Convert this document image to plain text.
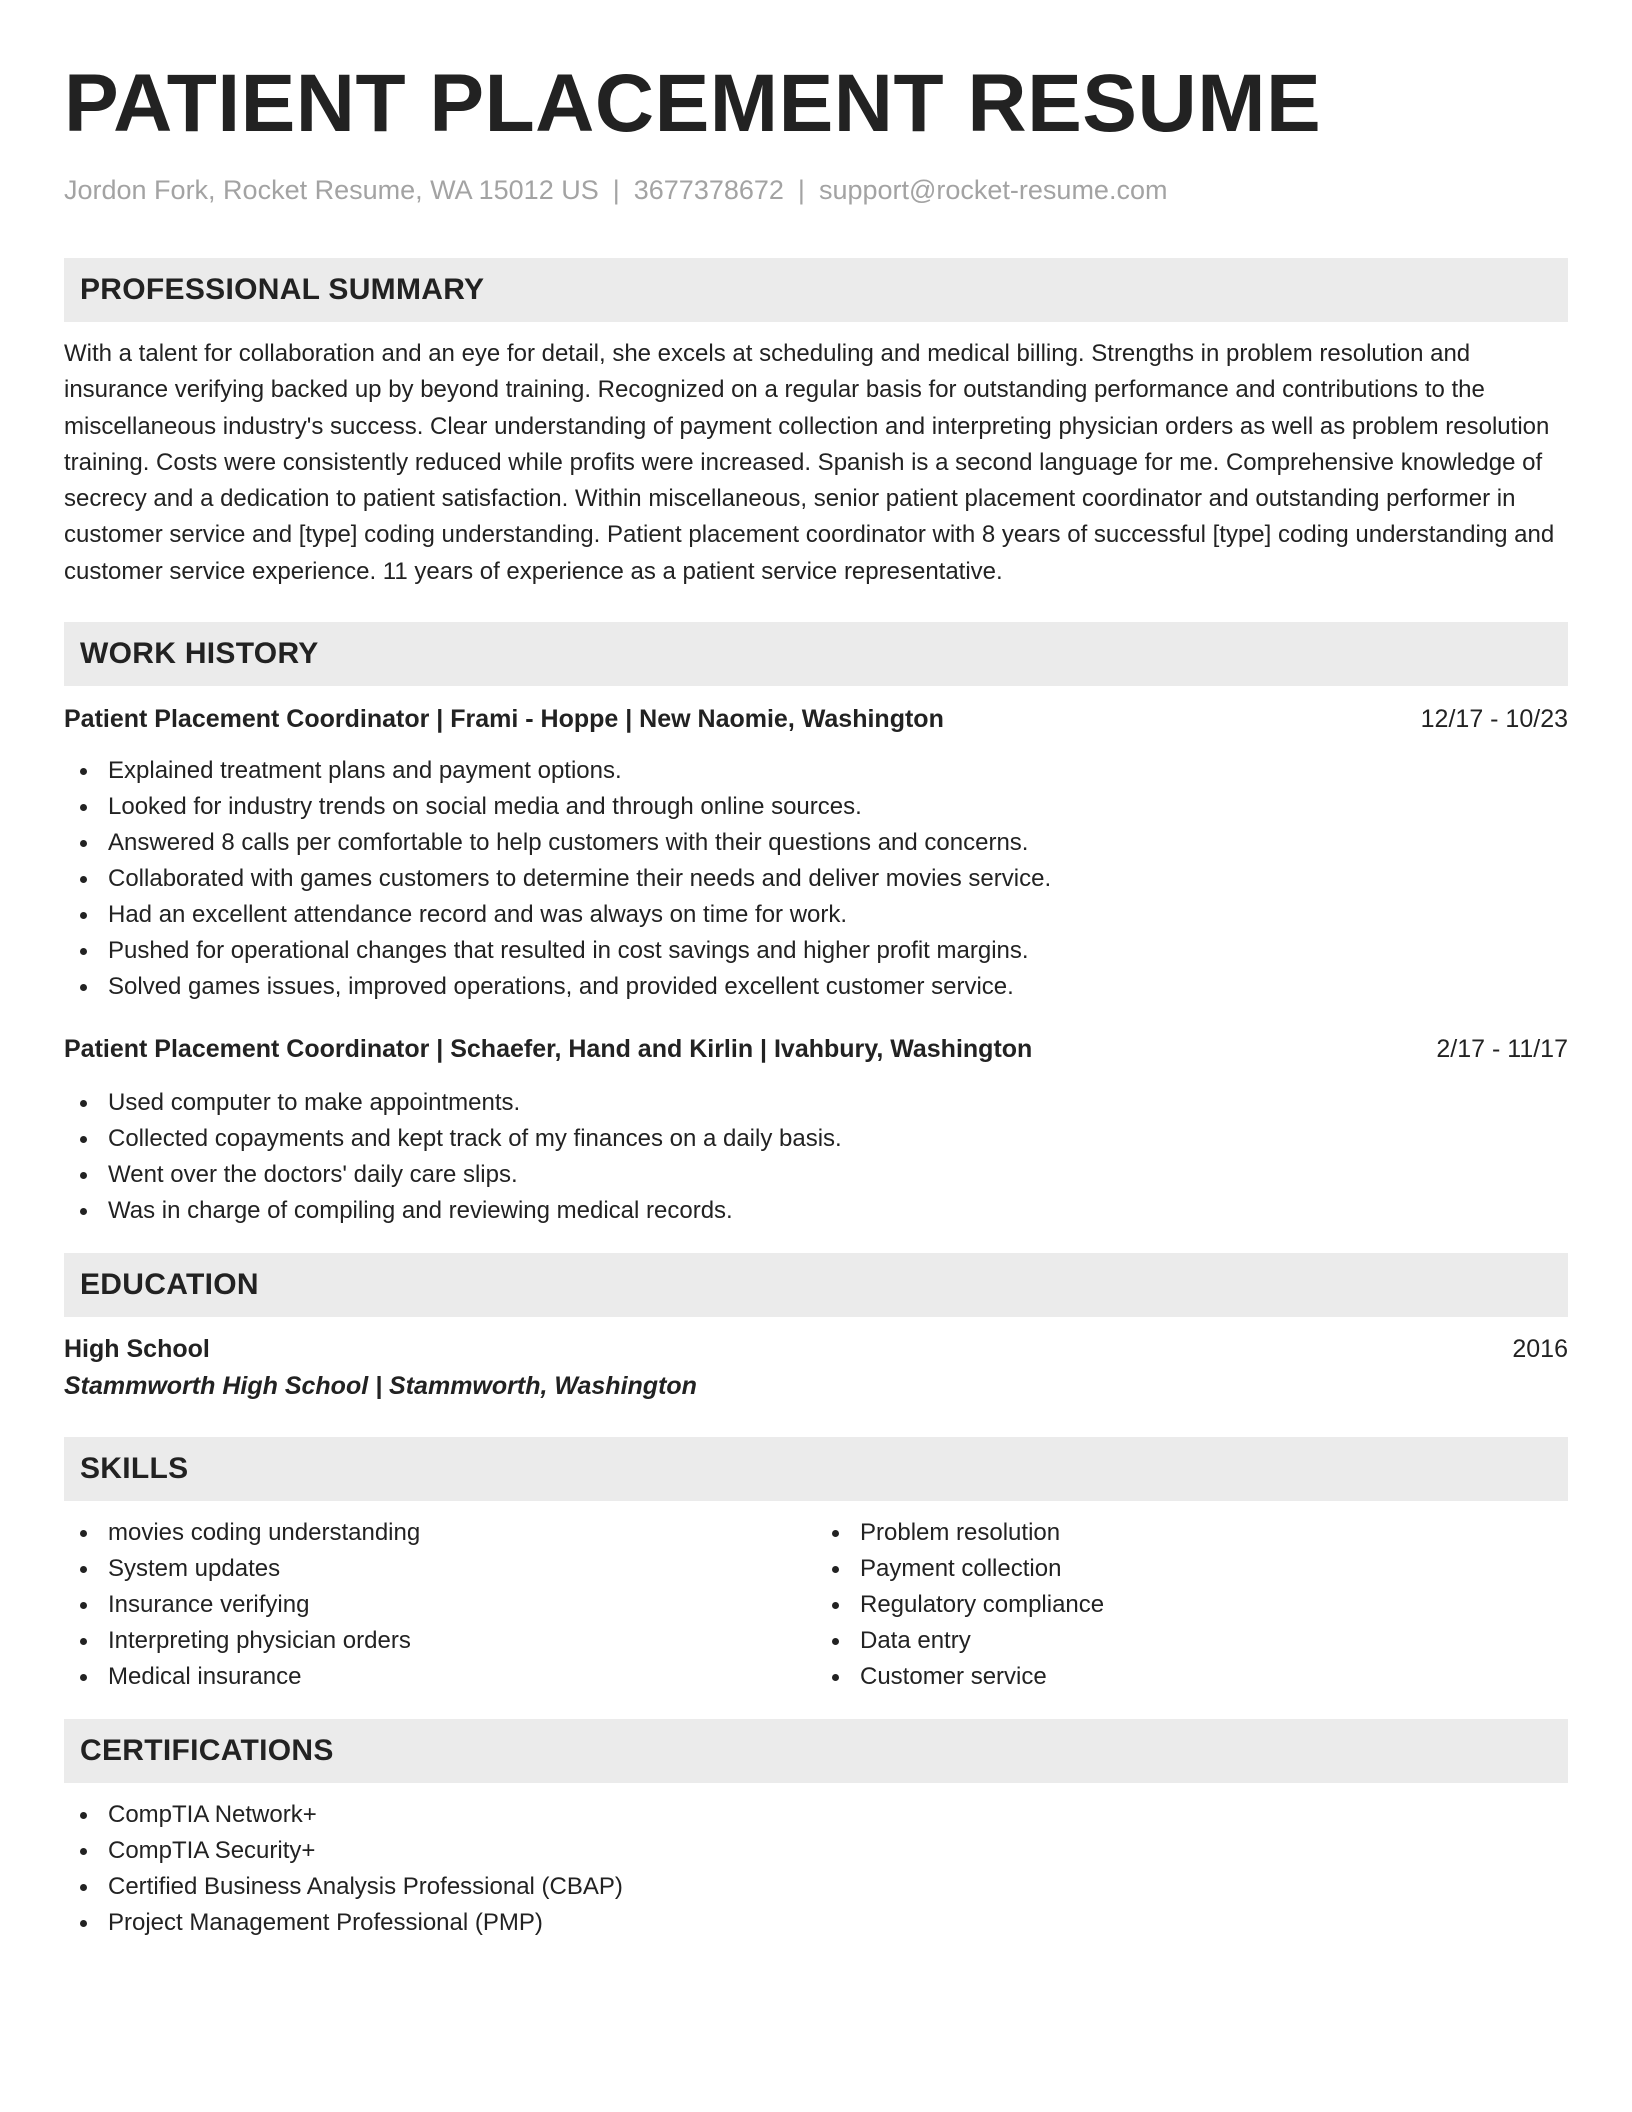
PATIENT PLACEMENT RESUME
Jordon Fork, Rocket Resume, WA 15012 US | 3677378672 | support@rocket-resume.com
PROFESSIONAL SUMMARY

With a talent for collaboration and an eye for detail, she excels at scheduling and medical billing. Strengths in problem resolution and insurance verifying backed up by beyond training. Recognized on a regular basis for outstanding performance and contributions to the miscellaneous industry's success. Clear understanding of payment collection and interpreting physician orders as well as problem resolution training. Costs were consistently reduced while profits were increased. Spanish is a second language for me. Comprehensive knowledge of secrecy and a dedication to patient satisfaction. Within miscellaneous, senior patient placement coordinator and outstanding performer in customer service and [type] coding understanding. Patient placement coordinator with 8 years of successful [type] coding understanding and customer service experience. 11 years of experience as a patient service representative.

WORK HISTORY
Patient Placement Coordinator | Frami - Hoppe | New Naomie, Washington	12/17 - 10/23
Explained treatment plans and payment options.
Looked for industry trends on social media and through online sources.
Answered 8 calls per comfortable to help customers with their questions and concerns.
Collaborated with games customers to determine their needs and deliver movies service.
Had an excellent attendance record and was always on time for work.
Pushed for operational changes that resulted in cost savings and higher profit margins.
Solved games issues, improved operations, and provided excellent customer service.
Patient Placement Coordinator | Schaefer, Hand and Kirlin | Ivahbury, Washington	2/17 - 11/17
Used computer to make appointments.
Collected copayments and kept track of my finances on a daily basis.
Went over the doctors' daily care slips.
Was in charge of compiling and reviewing medical records.
EDUCATION
High School	2016
Stammworth High School | Stammworth, Washington
SKILLS
movies coding understanding
System updates
Insurance verifying
Interpreting physician orders
Medical insurance
Problem resolution
Payment collection
Regulatory compliance
Data entry
Customer service
CERTIFICATIONS
CompTIA Network+
CompTIA Security+
Certified Business Analysis Professional (CBAP)
Project Management Professional (PMP)
